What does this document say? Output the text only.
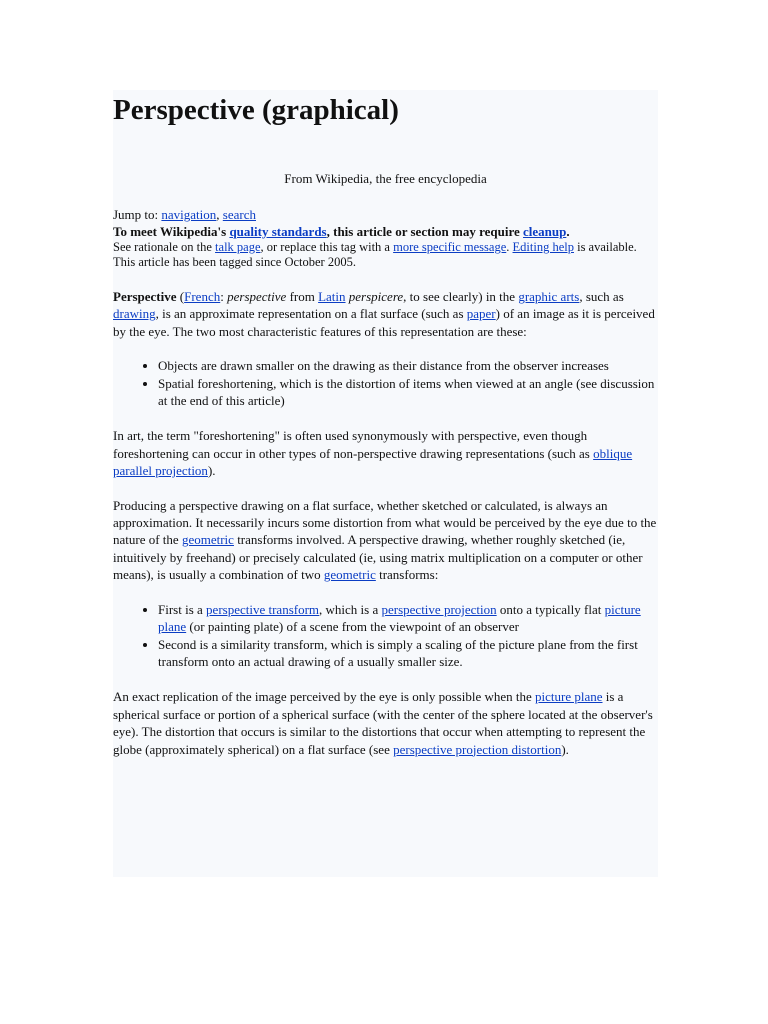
Perspective (graphical)
From Wikipedia, the free encyclopedia
Jump to: navigation, search
To meet Wikipedia's quality standards, this article or section may require cleanup.
See rationale on the talk page, or replace this tag with a more specific message. Editing help is available.
This article has been tagged since October 2005.

Perspective (French: perspective from Latin perspicere, to see clearly) in the graphic arts, such as drawing, is an approximate representation on a flat surface (such as paper) of an image as it is perceived by the eye. The two most characteristic features of this representation are these:

• Objects are drawn smaller on the drawing as their distance from the observer increases
• Spatial foreshortening, which is the distortion of items when viewed at an angle (see discussion at the end of this article)

In art, the term "foreshortening" is often used synonymously with perspective, even though foreshortening can occur in other types of non-perspective drawing representations (such as oblique parallel projection).

Producing a perspective drawing on a flat surface, whether sketched or calculated, is always an approximation. It necessarily incurs some distortion from what would be perceived by the eye due to the nature of the geometric transforms involved. A perspective drawing, whether roughly sketched (ie, intuitively by freehand) or precisely calculated (ie, using matrix multiplication on a computer or other means), is usually a combination of two geometric transforms:

• First is a perspective transform, which is a perspective projection onto a typically flat picture plane (or painting plate) of a scene from the viewpoint of an observer
• Second is a similarity transform, which is simply a scaling of the picture plane from the first transform onto an actual drawing of a usually smaller size.

An exact replication of the image perceived by the eye is only possible when the picture plane is a spherical surface or portion of a spherical surface (with the center of the sphere located at the observer's eye). The distortion that occurs is similar to the distortions that occur when attempting to represent the globe (approximately spherical) on a flat surface (see perspective projection distortion).
